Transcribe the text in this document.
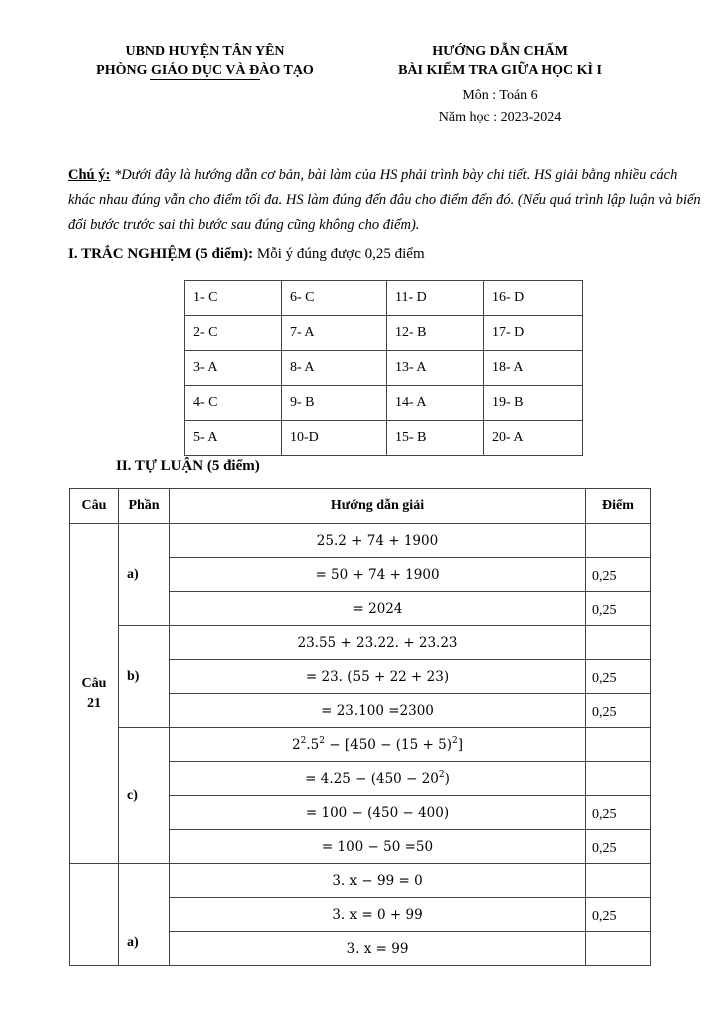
UBND HUYỆN TÂN YÊN
PHÒNG GIÁO DỤC VÀ ĐÀO TẠO
HƯỚNG DẪN CHẤM
BÀI KIỂM TRA GIỮA HỌC KÌ I
Môn : Toán 6
Năm học : 2023-2024
Chú ý: *Dưới đây là hướng dẫn cơ bản, bài làm của HS phải trình bày chi tiết. HS giải bằng nhiều cách khác nhau đúng vẫn cho điểm tối đa. HS làm đúng đến đâu cho điểm đến đó. (Nếu quá trình lập luận và biến đổi bước trước sai thì bước sau đúng cũng không cho điểm).
I. TRẮC NGHIỆM (5 điểm): Mỗi ý đúng được 0,25 điểm
1- C	6- C	11- D	16- D
2- C	7- A	12- B	17- D
3- A	8- A	13- A	18- A
4- C	9- B	14- A	19- B
5- A	10-D	15- B	20- A
II. TỰ LUẬN (5 điểm)
Câu	Phần	Hướng dẫn giải	Điểm

Câu
21	a)	25.2 + 74 + 1900	
		= 50 + 74 + 1900	0,25
		= 2024	0,25
	b)	23.55 + 23.22. + 23.23	
		= 23. (55 + 22 + 23)	0,25
		= 23.100 =2300	0,25
	c)	$2^2.5^2 - [450 - (15 + 5)^2]$	
		= $4.25 - (450 - 20^2)$	
		= 100 − (450 − 400)	0,25
		= 100 − 50 =50	0,25
	a)	3. x − 99 = 0	
		3. x = 0 + 99	0,25
		3. x = 99	
